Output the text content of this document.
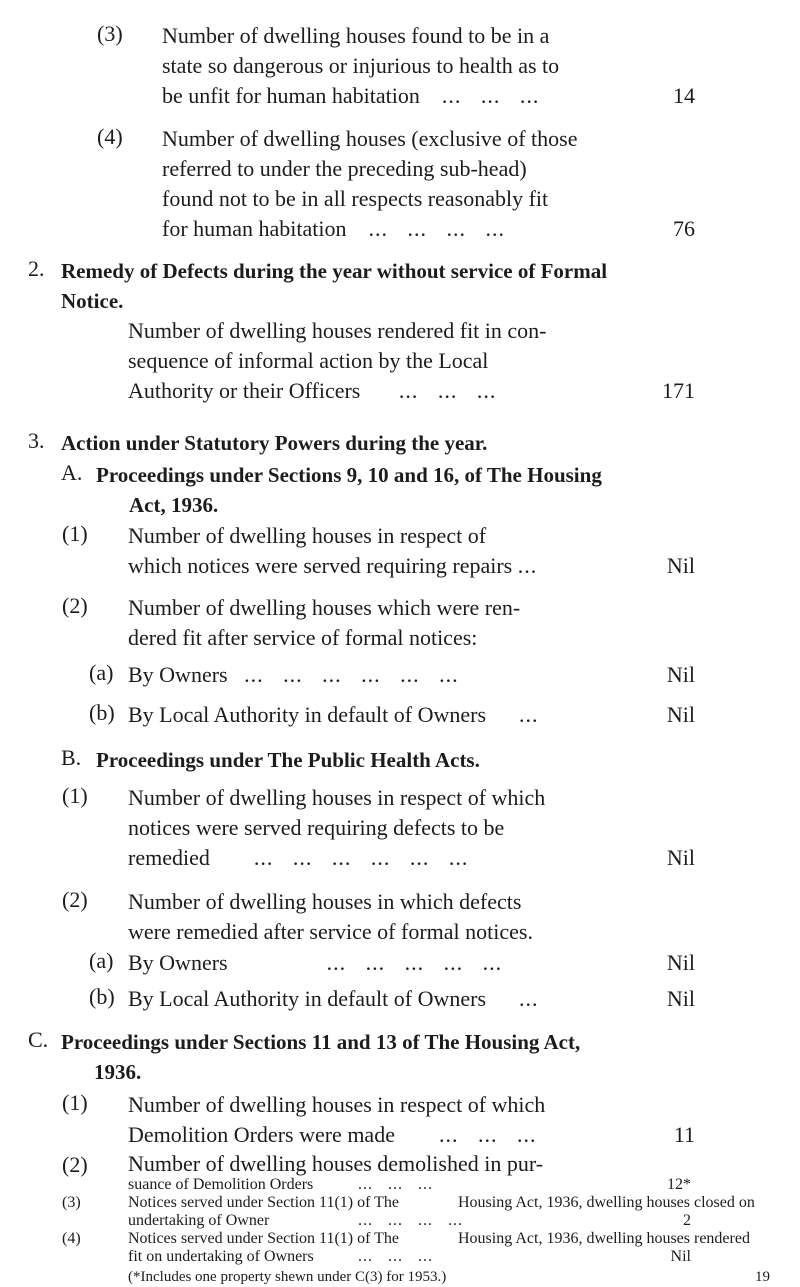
(3) Number of dwelling houses found to be in a
state so dangerous or injurious to health as to
be unfit for human habitation ...   ...   ...	14
(4) Number of dwelling houses (exclusive of those
referred to under the preceding sub-head)
found not to be in all respects reasonably fit
for human habitation ...   ...   ...   ...	76
2. Remedy of Defects during the year without service of Formal
Notice.
Number of dwelling houses rendered fit in con-
sequence of informal action by the Local
Authority or their Officers ...   ...   ...	171
3. Action under Statutory Powers during the year.
A. Proceedings under Sections 9, 10 and 16, of The Housing
Act, 1936.
(1) Number of dwelling houses in respect of
which notices were served requiring repairs ...	Nil
(2) Number of dwelling houses which were ren-
dered fit after service of formal notices:
(a) By Owners ...   ...   ...   ...   ...   ...	Nil
(b) By Local Authority in default of Owners ...	Nil
B. Proceedings under The Public Health Acts.
(1) Number of dwelling houses in respect of which
notices were served requiring defects to be
remedied ...   ...   ...   ...   ...   ...	Nil
(2) Number of dwelling houses in which defects
were remedied after service of formal notices.
(a) By Owners	...   ...   ...   ...   ...	Nil
(b) By Local Authority in default of Owners ...	Nil
C. Proceedings under Sections 11 and 13 of The Housing Act,
1936.
(1) Number of dwelling houses in respect of which
Demolition Orders were made ...   ...   ...	11
(2) Number of dwelling houses demolished in pur-
suance of Demolition Orders	...   ...   ...	12*
(3)	Notices served under Section 11(1) of The	Housing Act, 1936, dwelling houses closed on
undertaking of Owner	...   ...   ...   ...	2
(4)	Notices served under Section 11(1) of The	Housing Act, 1936, dwelling houses rendered
fit on undertaking of Owners	...   ...   ...	Nil
(*Includes one property shewn under C(3) for 1953.)	19
